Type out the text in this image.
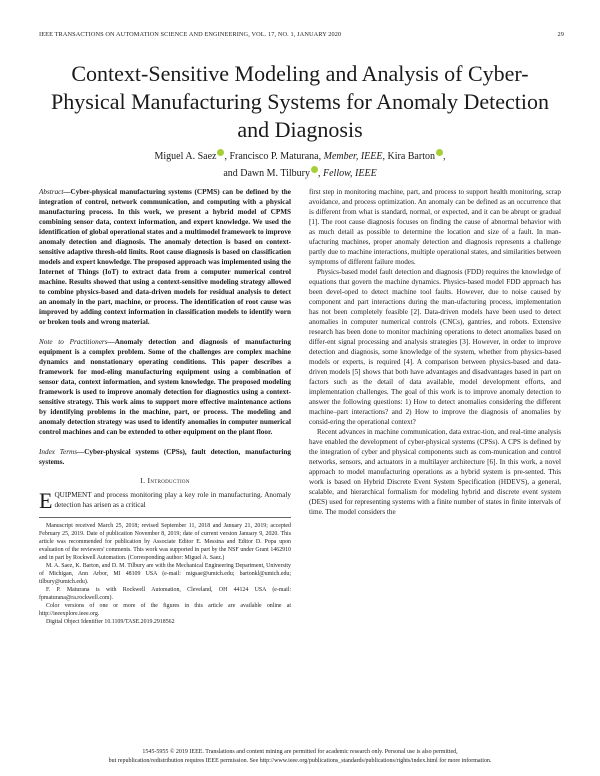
IEEE TRANSACTIONS ON AUTOMATION SCIENCE AND ENGINEERING, VOL. 17, NO. 1, JANUARY 2020	29
Context-Sensitive Modeling and Analysis of Cyber-Physical Manufacturing Systems for Anomaly Detection and Diagnosis
Miguel A. Saez , Francisco P. Maturana, Member, IEEE, Kira Barton ,
and Dawn M. Tilbury , Fellow, IEEE

Abstract—Cyber-physical manufacturing systems (CPMS) can be defined by the integration of control, network communication, and computing with a physical manufacturing process. In this work, we present a hybrid model of CPMS combining sensor data, context information, and expert knowledge. We used the identification of global operational states and a multimodel framework to improve anomaly detection and diagnosis. The anomaly detection is based on context-sensitive adaptive thresh-old limits. Root cause diagnosis is based on classification models and expert knowledge. The proposed approach was implemented using the Internet of Things (IoT) to extract data from a computer numerical control machine. Results showed that using a context-sensitive modeling strategy allowed to combine physics-based and data-driven models for residual analysis to detect an anomaly in the part, machine, or process. The identification of root cause was improved by adding context information in classification models to identify worn or broken tools and wrong material.

Note to Practitioners—Anomaly detection and diagnosis of manufacturing equipment is a complex problem. Some of the challenges are complex machine dynamics and nonstationary operating conditions. This paper describes a framework for mod-eling manufacturing equipment using a combination of sensor data, context information, and system knowledge. The proposed modeling framework is used to improve anomaly detection for diagnostics using a context-sensitive strategy. This work aims to support more effective maintenance actions by identifying problems in the machine, part, or process. The modeling and anomaly detection strategy was used to identify anomalies in computer numerical control machines and can be extended to other equipment on the plant floor.

Index Terms—Cyber-physical systems (CPSs), fault detection, manufacturing systems.

I. Introduction

EQUIPMENT and process monitoring play a key role in manufacturing. Anomaly detection has arisen as a critical

Manuscript received March 25, 2018; revised September 11, 2018 and January 21, 2019; accepted February 25, 2019. Date of publication November 8, 2019; date of current version January 9, 2020. This article was recommended for publication by Associate Editor E. Messina and Editor D. Popa upon evaluation of the reviewers' comments. This work was supported in part by the NSF under Grant 1462910 and in part by Rockwell Automation. (Corresponding author: Miguel A. Saez.)

M. A. Saez, K. Barton, and D. M. Tilbury are with the Mechanical Engineering Department, University of Michigan, Ann Arbor, MI 48109 USA (e-mail: migsae@umich.edu; bartonkl@umich.edu; tilbury@umich.edu).

F. P. Maturana is with Rockwell Automation, Cleveland, OH 44124 USA (e-mail: fpmaturana@ra.rockwell.com).

Color versions of one or more of the figures in this article are available online at http://ieeexplore.ieee.org.

Digital Object Identifier 10.1109/TASE.2019.2918562

first step in monitoring machine, part, and process to support health monitoring, scrap avoidance, and process optimization. An anomaly can be defined as an occurrence that is different from what is standard, normal, or expected, and it can be abrupt or gradual [1]. The root cause diagnosis focuses on finding the cause of abnormal behavior with as much detail as possible to determine the location and size of a fault. In man-ufacturing machines, proper anomaly detection and diagnosis represents a challenge partly due to machine interactions, multiple operational states, and similarities between symptoms of different failure modes.

Physics-based model fault detection and diagnosis (FDD) requires the knowledge of equations that govern the machine dynamics. Physics-based model FDD approach has been devel-oped to detect machine tool faults. However, due to noise caused by component and part interactions during the man-ufacturing process, implementation has not been completely feasible [2]. Data-driven models have been used to detect anomalies in computer numerical controls (CNCs), gantries, and robots. Extensive research has been done to monitor machining operations to detect anomalies based on differ-ent signal processing and analysis strategies [3]. However, in order to improve detection and diagnosis, some knowledge of the system, whether from physics-based models or experts, is required [4]. A comparison between physics-based and data-driven models [5] shows that both have advantages and disadvantages based in part on factors such as the detail of data available, model development efforts, and implementation challenges. The goal of this work is to improve anomaly detection to answer the following questions: 1) How to detect anomalies considering the different machine–part interactions? and 2) How to improve the diagnosis of anomalies by consid-ering the operational context?

Recent advances in machine communication, data extrac-tion, and real-time analysis have enabled the development of cyber-physical systems (CPSs). A CPS is defined by the integration of cyber and physical components such as com-munication and control networks, sensors, and actuators in a multilayer architecture [6]. In this work, a novel approach to model manufacturing operations as a hybrid system is pre-sented. This work is based on Hybrid Discrete Event System Specification (HDEVS), a general, scalable, and hierarchical formalism for modeling hybrid and discrete event system (DES) used for representing systems with a finite number of states in finite intervals of time. The model considers the

1545-5955 © 2019 IEEE. Translations and content mining are permitted for academic research only. Personal use is also permitted,
but republication/redistribution requires IEEE permission. See http://www.ieee.org/publications_standards/publications/rights/index.html for more information.
